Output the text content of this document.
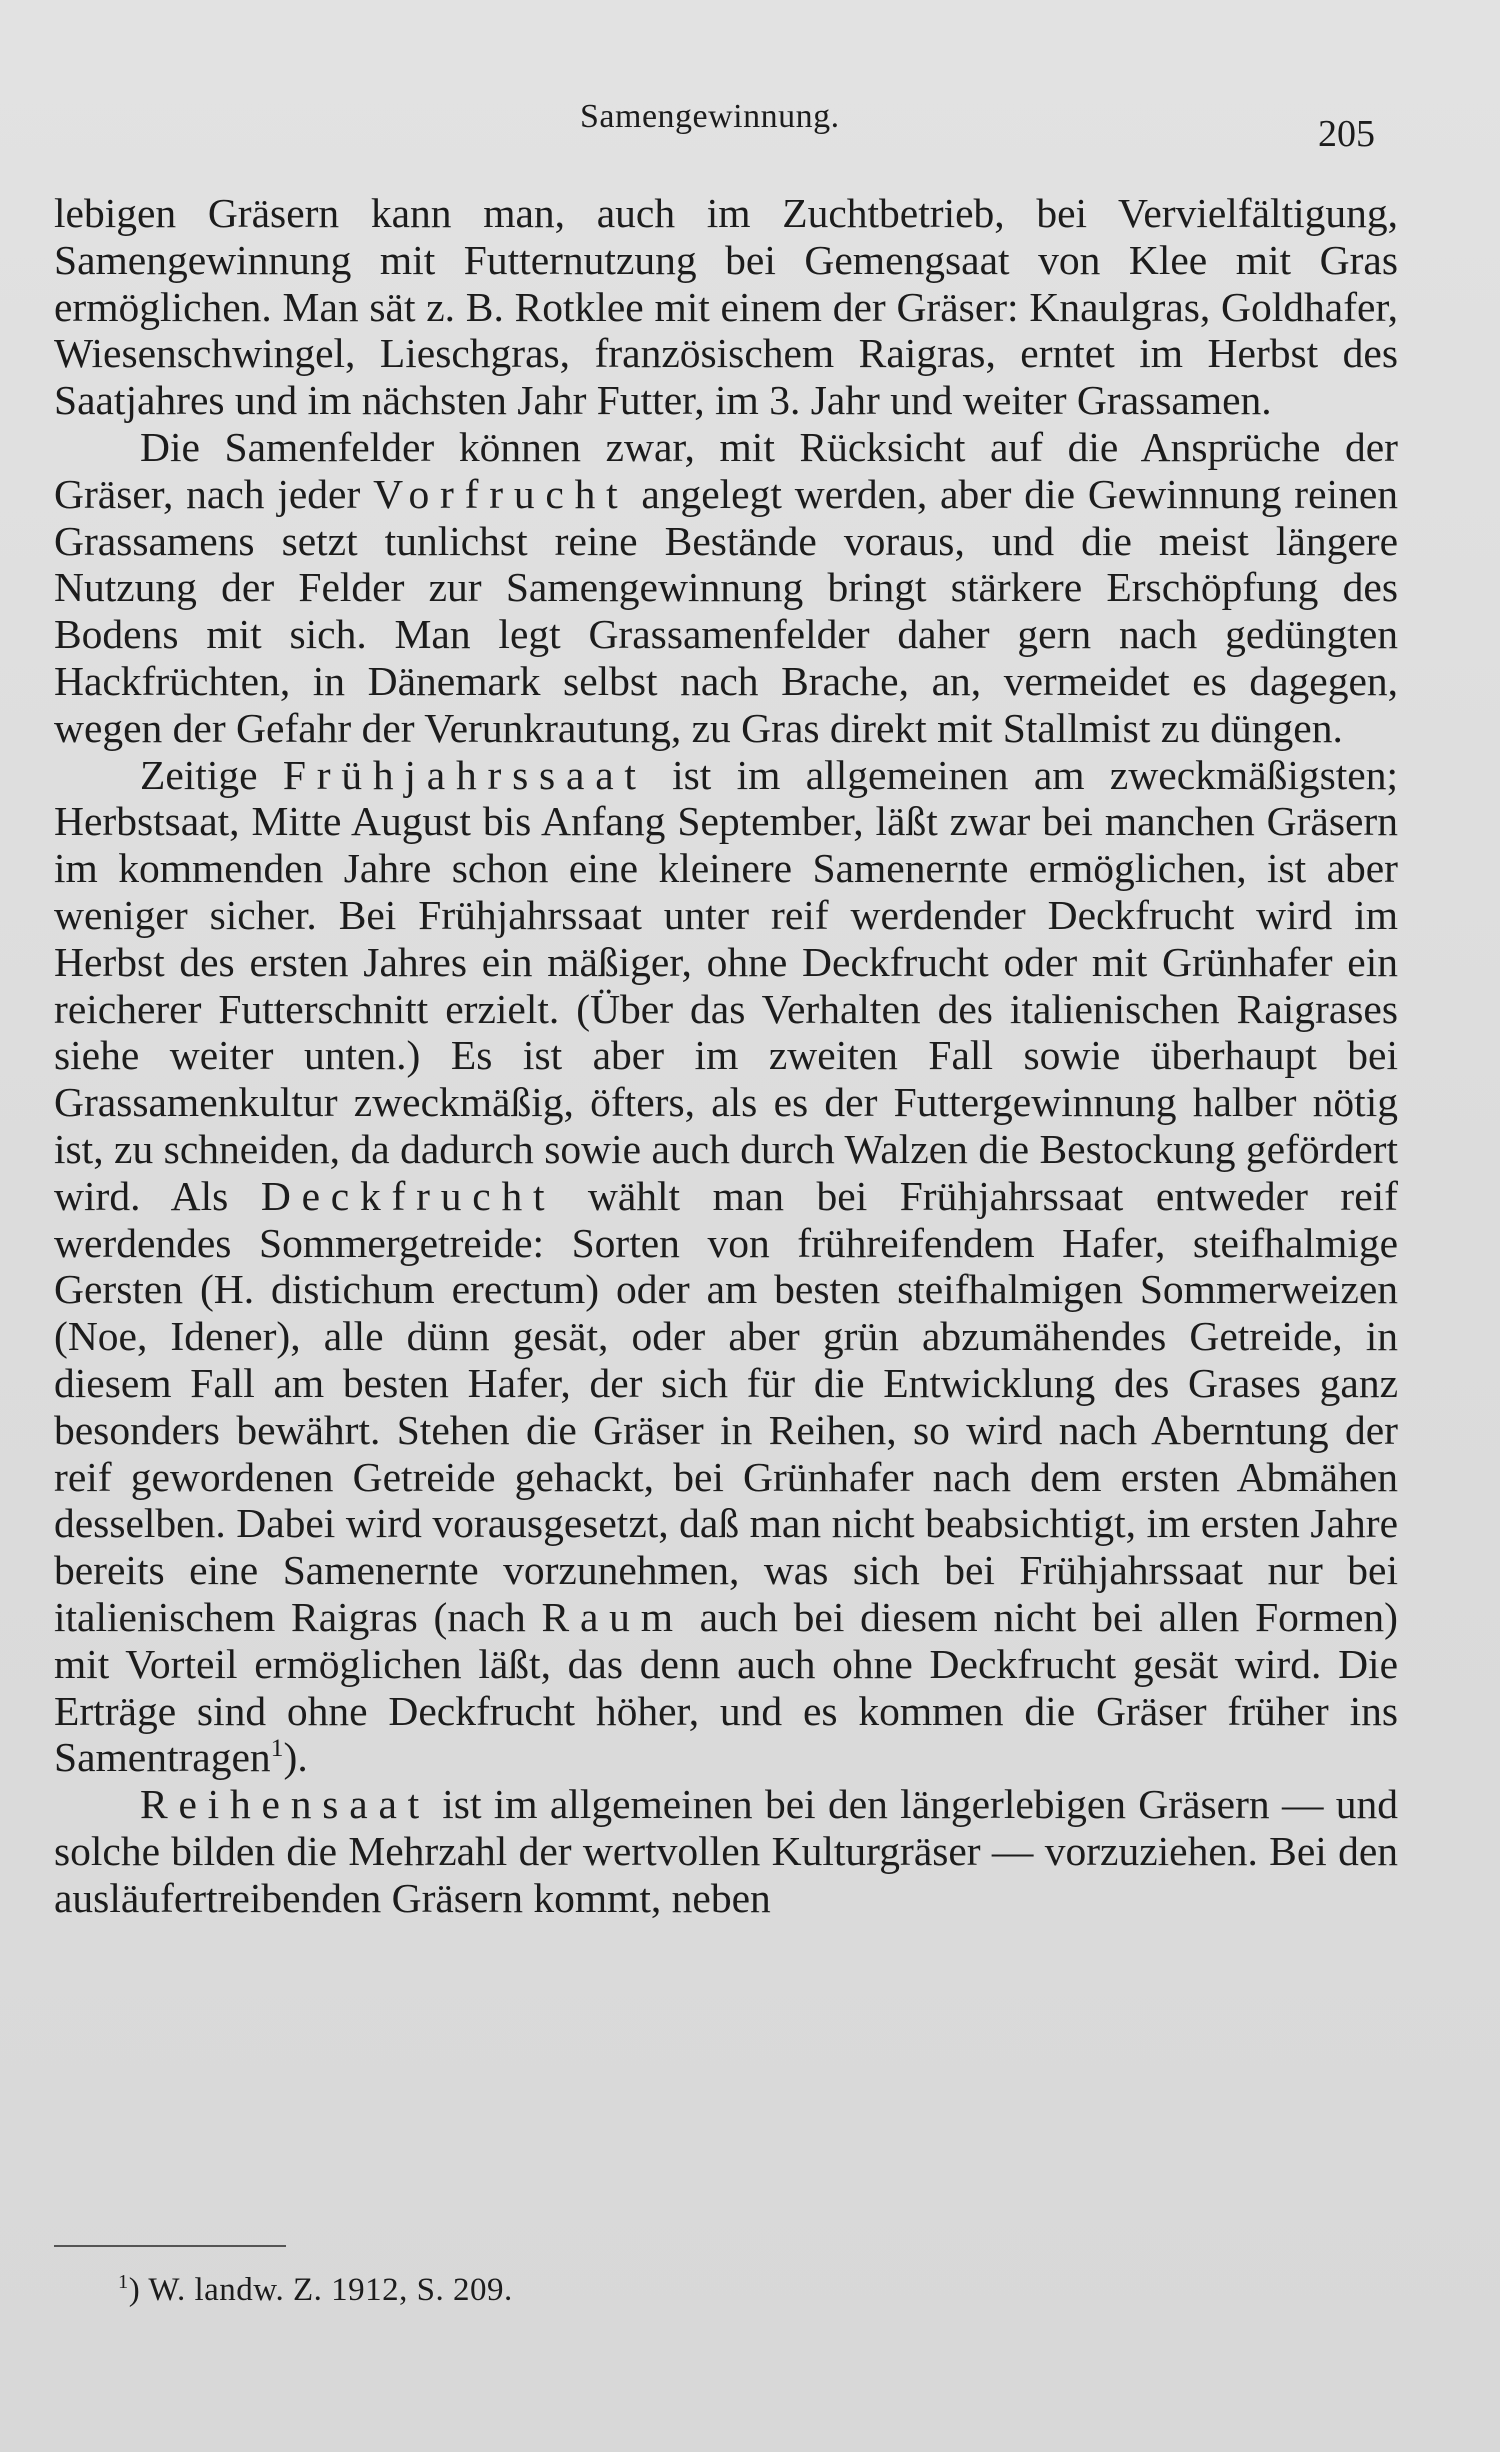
Samengewinnung.	205

lebigen Gräsern kann man, auch im Zuchtbetrieb, bei Vervielfältigung, Samengewinnung mit Futternutzung bei Gemengsaat von Klee mit Gras ermöglichen. Man sät z. B. Rotklee mit einem der Gräser: Knaulgras, Goldhafer, Wiesenschwingel, Lieschgras, französischem Raigras, erntet im Herbst des Saatjahres und im nächsten Jahr Futter, im 3. Jahr und weiter Grassamen.

Die Samenfelder können zwar, mit Rücksicht auf die Ansprüche der Gräser, nach jeder Vorfrucht angelegt werden, aber die Gewinnung reinen Grassamens setzt tunlichst reine Bestände voraus, und die meist längere Nutzung der Felder zur Samengewinnung bringt stärkere Erschöpfung des Bodens mit sich. Man legt Grassamenfelder daher gern nach gedüngten Hackfrüchten, in Dänemark selbst nach Brache, an, vermeidet es dagegen, wegen der Gefahr der Verunkrautung, zu Gras direkt mit Stallmist zu düngen.

Zeitige Frühjahrssaat ist im allgemeinen am zweckmäßigsten; Herbstsaat, Mitte August bis Anfang September, läßt zwar bei manchen Gräsern im kommenden Jahre schon eine kleinere Samenernte ermöglichen, ist aber weniger sicher. Bei Frühjahrssaat unter reif werdender Deckfrucht wird im Herbst des ersten Jahres ein mäßiger, ohne Deckfrucht oder mit Grünhafer ein reicherer Futterschnitt erzielt. (Über das Verhalten des italienischen Raigrases siehe weiter unten.) Es ist aber im zweiten Fall sowie überhaupt bei Grassamenkultur zweckmäßig, öfters, als es der Futtergewinnung halber nötig ist, zu schneiden, da dadurch sowie auch durch Walzen die Bestockung gefördert wird. Als Deckfrucht wählt man bei Frühjahrssaat entweder reif werdendes Sommergetreide: Sorten von frühreifendem Hafer, steifhalmige Gersten (H. distichum erectum) oder am besten steifhalmigen Sommerweizen (Noe, Idener), alle dünn gesät, oder aber grün abzumähendes Getreide, in diesem Fall am besten Hafer, der sich für die Entwicklung des Grases ganz besonders bewährt. Stehen die Gräser in Reihen, so wird nach Aberntung der reif gewordenen Getreide gehackt, bei Grünhafer nach dem ersten Abmähen desselben. Dabei wird vorausgesetzt, daß man nicht beabsichtigt, im ersten Jahre bereits eine Samenernte vorzunehmen, was sich bei Frühjahrssaat nur bei italienischem Raigras (nach Raum auch bei diesem nicht bei allen Formen) mit Vorteil ermöglichen läßt, das denn auch ohne Deckfrucht gesät wird. Die Erträge sind ohne Deckfrucht höher, und es kommen die Gräser früher ins Samentragen$^1$).

Reihensaat ist im allgemeinen bei den längerlebigen Gräsern — und solche bilden die Mehrzahl der wertvollen Kulturgräser — vorzuziehen. Bei den ausläufertreibenden Gräsern kommt, neben

$^1$) W. landw. Z. 1912, S. 209.
